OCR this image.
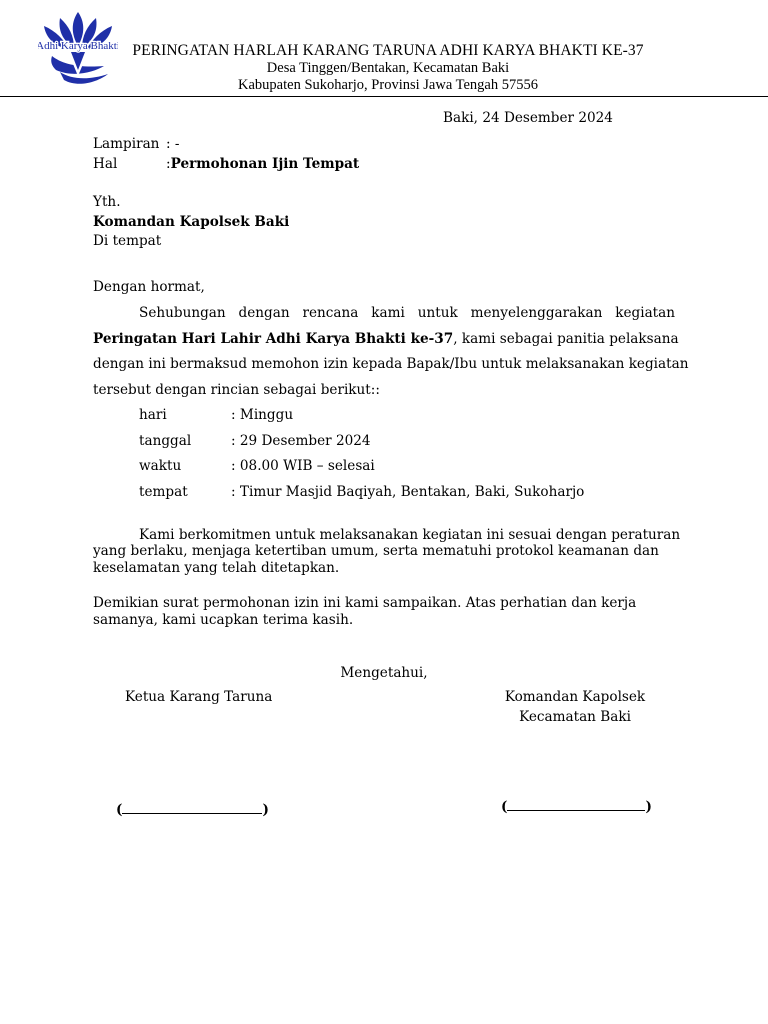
Adhi Karya Bhakti PERINGATAN HARLAH KARANG TARUNA ADHI KARYA BHAKTI KE-37
Desa Tinggen/Bentakan, Kecamatan Baki
Kabupaten Sukoharjo, Provinsi Jawa Tengah 57556
Baki, 24 Desember 2024
Lampiran : -
Hal	:Permohonan Ijin Tempat
Yth.
Komandan Kapolsek Baki
Di tempat
Dengan hormat,
Sehubungan dengan rencana kami untuk menyelenggarakan kegiatan
Peringatan Hari Lahir Adhi Karya Bhakti ke-37, kami sebagai panitia pelaksana
dengan ini bermaksud memohon izin kepada Bapak/Ibu untuk melaksanakan kegiatan
tersebut dengan rincian sebagai berikut::
hari	: Minggu
tanggal	: 29 Desember 2024
waktu	: 08.00 WIB – selesai
tempat	: Timur Masjid Baqiyah, Bentakan, Baki, Sukoharjo
Kami berkomitmen untuk melaksanakan kegiatan ini sesuai dengan peraturan
yang berlaku, menjaga ketertiban umum, serta mematuhi protokol keamanan dan
keselamatan yang telah ditetapkan.
Demikian surat permohonan izin ini kami sampaikan. Atas perhatian dan kerja
samanya, kami ucapkan terima kasih.
Mengetahui,
Ketua Karang Taruna	Komandan Kapolsek
Kecamatan Baki
(	)	(	)
